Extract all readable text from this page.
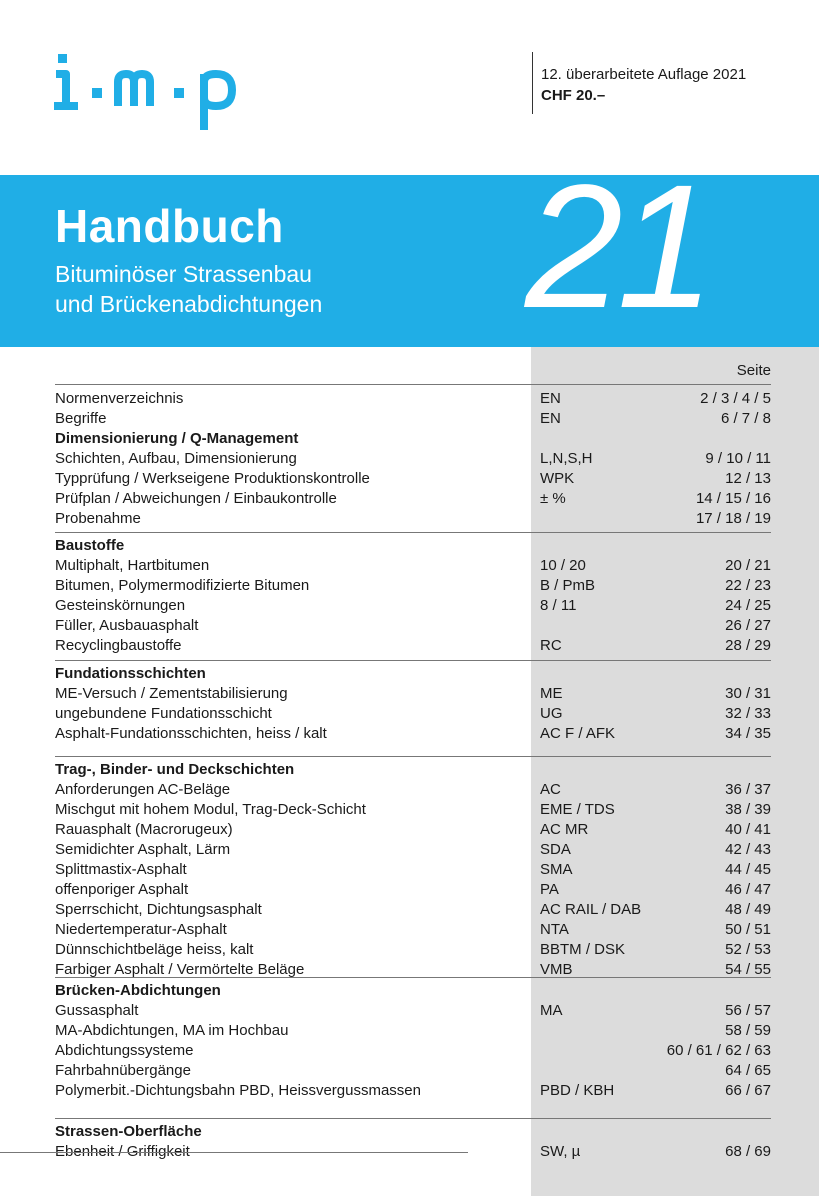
12. überarbeitete Auflage 2021
CHF 20.–
Handbuch
Bituminöser Strassenbau
und Brückenabdichtungen 21
Seite
Normenverzeichnis	EN	2 / 3 / 4 / 5
Begriffe	EN	6 / 7 / 8
Dimensionierung / Q-Management
Schichten, Aufbau, Dimensionierung	L,N,S,H	9 / 10 / 11
Typprüfung / Werkseigene Produktionskontrolle	WPK	12 / 13
Prüfplan / Abweichungen / Einbaukontrolle	± %	14 / 15 / 16
Probenahme	17 / 18 / 19
Baustoffe
Multiphalt, Hartbitumen	10 / 20	20 / 21
Bitumen, Polymermodifizierte Bitumen	B / PmB	22 / 23
Gesteinskörnungen	8 / 11	24 / 25
Füller, Ausbauasphalt	26 / 27
Recyclingbaustoffe	RC	28 / 29
Fundationsschichten
ME-Versuch / Zementstabilisierung	ME	30 / 31
ungebundene Fundationsschicht	UG	32 / 33
Asphalt-Fundationsschichten, heiss / kalt	AC F / AFK	34 / 35
Trag-, Binder- und Deckschichten
Anforderungen AC-Beläge	AC	36 / 37
Mischgut mit hohem Modul, Trag-Deck-Schicht	EME / TDS	38 / 39
Rauasphalt (Macrorugeux)	AC MR	40 / 41
Semidichter Asphalt, Lärm	SDA	42 / 43
Splittmastix-Asphalt	SMA	44 / 45
offenporiger Asphalt	PA	46 / 47
Sperrschicht, Dichtungsasphalt	AC RAIL / DAB	48 / 49
Niedertemperatur-Asphalt	NTA	50 / 51
Dünnschichtbeläge heiss, kalt	BBTM / DSK	52 / 53
Farbiger Asphalt / Vermörtelte Beläge	VMB	54 / 55
Brücken-Abdichtungen
Gussasphalt	MA	56 / 57
MA-Abdichtungen, MA im Hochbau	58 / 59
Abdichtungssysteme	60 / 61 / 62 / 63
Fahrbahnübergänge	64 / 65
Polymerbit.-Dichtungsbahn PBD, Heissvergussmassen	PBD / KBH	66 / 67
Strassen-Oberfläche
Ebenheit / Griffigkeit	SW, µ	68 / 69
